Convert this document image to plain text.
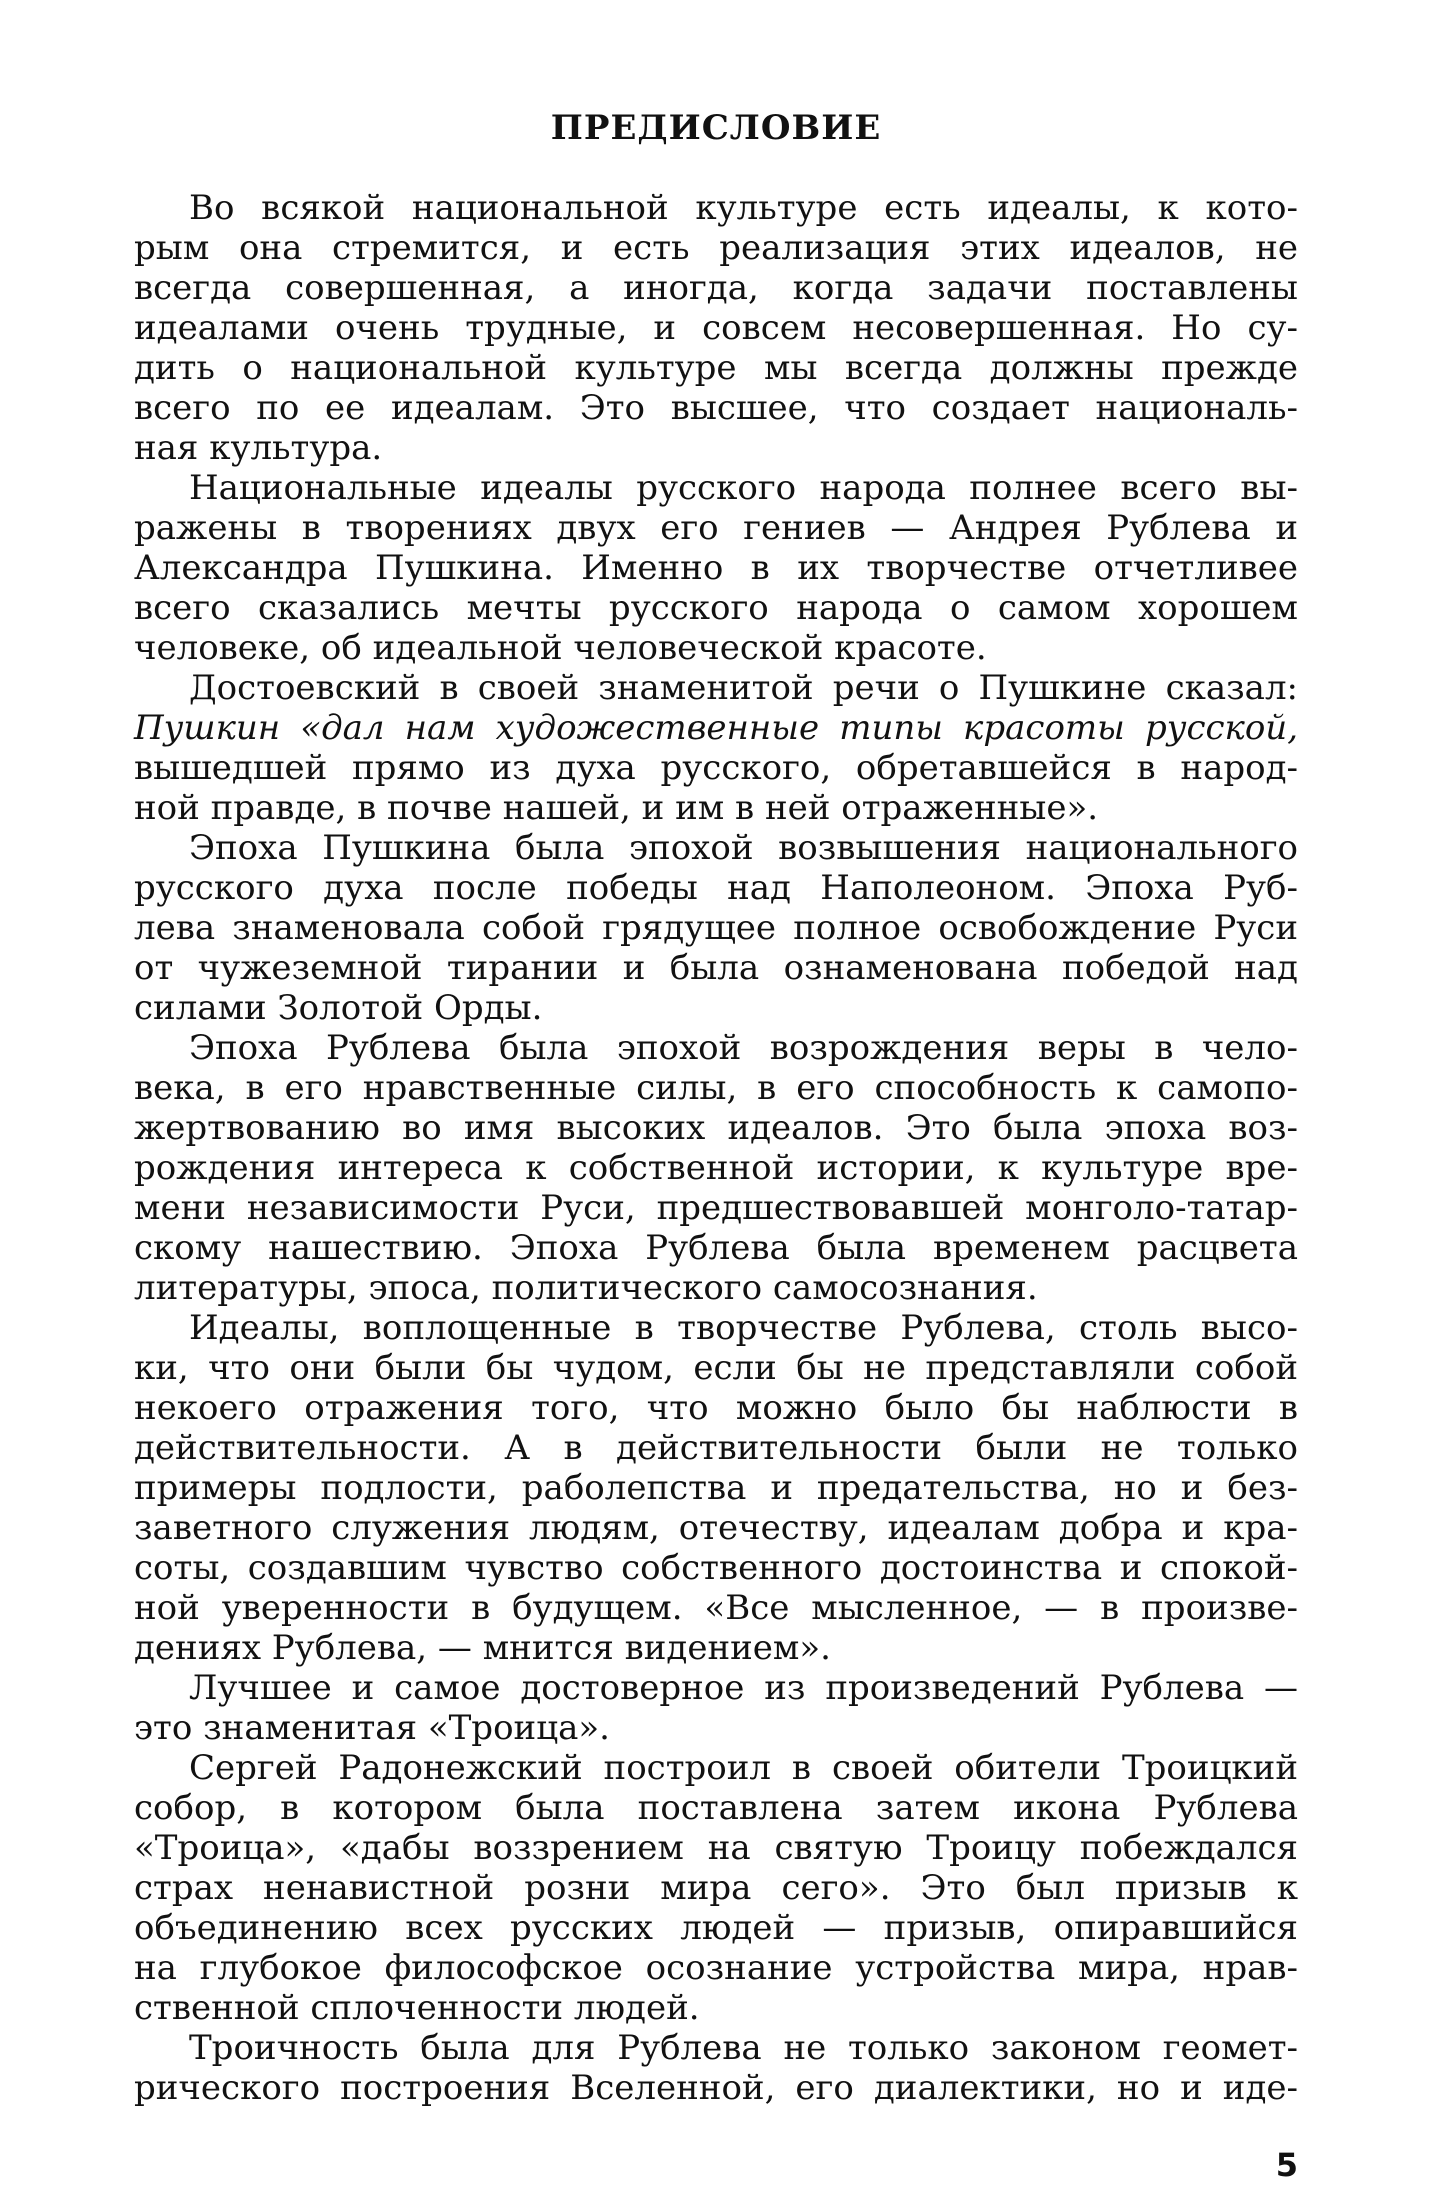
ПРЕДИСЛОВИЕ

Во всякой национальной культуре есть идеалы, к кото-
рым она стремится, и есть реализация этих идеалов, не
всегда совершенная, а иногда, когда задачи поставлены
идеалами очень трудные, и совсем несовершенная. Но су-
дить о национальной культуре мы всегда должны прежде
всего по ее идеалам. Это высшее, что создает националь-
ная культура.

Национальные идеалы русского народа полнее всего вы-
ражены в творениях двух его гениев — Андрея Рублева и
Александра Пушкина. Именно в их творчестве отчетливее
всего сказались мечты русского народа о самом хорошем
человеке, об идеальной человеческой красоте.

Достоевский в своей знаменитой речи о Пушкине сказал:
Пушкин «дал нам художественные типы красоты русской,
вышедшей прямо из духа русского, обретавшейся в народ-
ной правде, в почве нашей, и им в ней отраженные».

Эпоха Пушкина была эпохой возвышения национального
русского духа после победы над Наполеоном. Эпоха Руб-
лева знаменовала собой грядущее полное освобождение Руси
от чужеземной тирании и была ознаменована победой над
силами Золотой Орды.

Эпоха Рублева была эпохой возрождения веры в чело-
века, в его нравственные силы, в его способность к самопо-
жертвованию во имя высоких идеалов. Это была эпоха воз-
рождения интереса к собственной истории, к культуре вре-
мени независимости Руси, предшествовавшей монголо-татар-
скому нашествию. Эпоха Рублева была временем расцвета
литературы, эпоса, политического самосознания.

Идеалы, воплощенные в творчестве Рублева, столь высо-
ки, что они были бы чудом, если бы не представляли собой
некоего отражения того, что можно было бы наблюсти в
действительности. А в действительности были не только
примеры подлости, раболепства и предательства, но и без-
заветного служения людям, отечеству, идеалам добра и кра-
соты, создавшим чувство собственного достоинства и спокой-
ной уверенности в будущем. «Все мысленное, — в произве-
дениях Рублева, — мнится видением».

Лучшее и самое достоверное из произведений Рублева —
это знаменитая «Троица».

Сергей Радонежский построил в своей обители Троицкий
собор, в котором была поставлена затем икона Рублева
«Троица», «дабы воззрением на святую Троицу побеждался
страх ненавистной розни мира сего». Это был призыв к
объединению всех русских людей — призыв, опиравшийся
на глубокое философское осознание устройства мира, нрав-
ственной сплоченности людей.

Троичность была для Рублева не только законом геомет-
рического построения Вселенной, его диалектики, но и иде-

5
